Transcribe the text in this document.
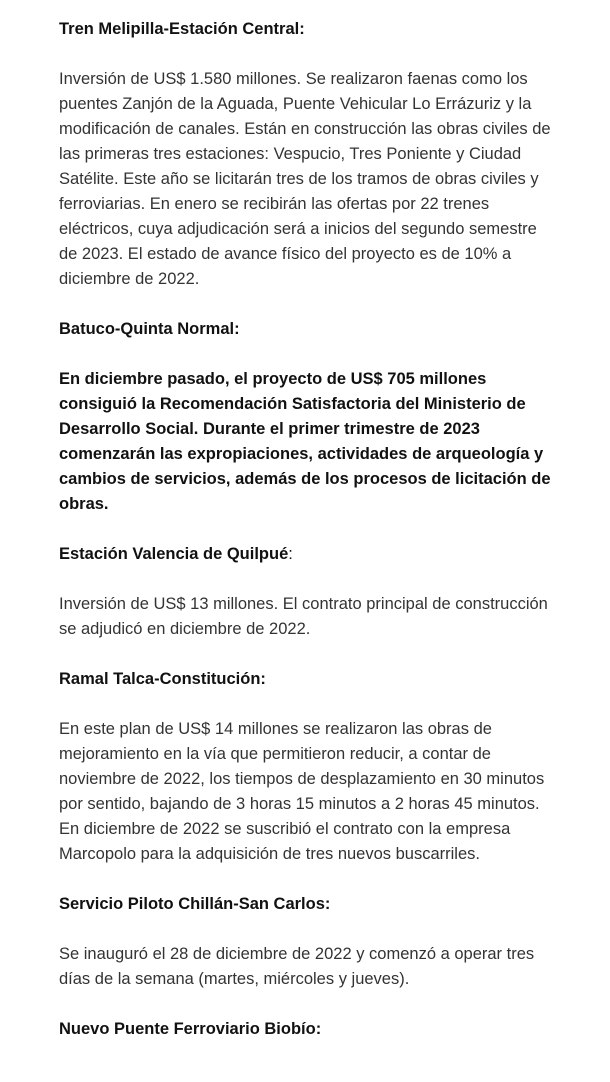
Tren Melipilla-Estación Central:
Inversión de US$ 1.580 millones. Se realizaron faenas como los puentes Zanjón de la Aguada, Puente Vehicular Lo Errázuriz y la modificación de canales. Están en construcción las obras civiles de las primeras tres estaciones: Vespucio, Tres Poniente y Ciudad Satélite. Este año se licitarán tres de los tramos de obras civiles y ferroviarias. En enero se recibirán las ofertas por 22 trenes eléctricos, cuya adjudicación será a inicios del segundo semestre de 2023. El estado de avance físico del proyecto es de 10% a diciembre de 2022.
Batuco-Quinta Normal:
En diciembre pasado, el proyecto de US$ 705 millones consiguió la Recomendación Satisfactoria del Ministerio de Desarrollo Social. Durante el primer trimestre de 2023 comenzarán las expropiaciones, actividades de arqueología y cambios de servicios, además de los procesos de licitación de obras.
Estación Valencia de Quilpué:
Inversión de US$ 13 millones. El contrato principal de construcción se adjudicó en diciembre de 2022.
Ramal Talca-Constitución:
En este plan de US$ 14 millones se realizaron las obras de mejoramiento en la vía que permitieron reducir, a contar de noviembre de 2022, los tiempos de desplazamiento en 30 minutos por sentido, bajando de 3 horas 15 minutos a 2 horas 45 minutos. En diciembre de 2022 se suscribió el contrato con la empresa Marcopolo para la adquisición de tres nuevos buscarriles.
Servicio Piloto Chillán-San Carlos:
Se inauguró el 28 de diciembre de 2022 y comenzó a operar tres días de la semana (martes, miércoles y jueves).
Nuevo Puente Ferroviario Biobío:
